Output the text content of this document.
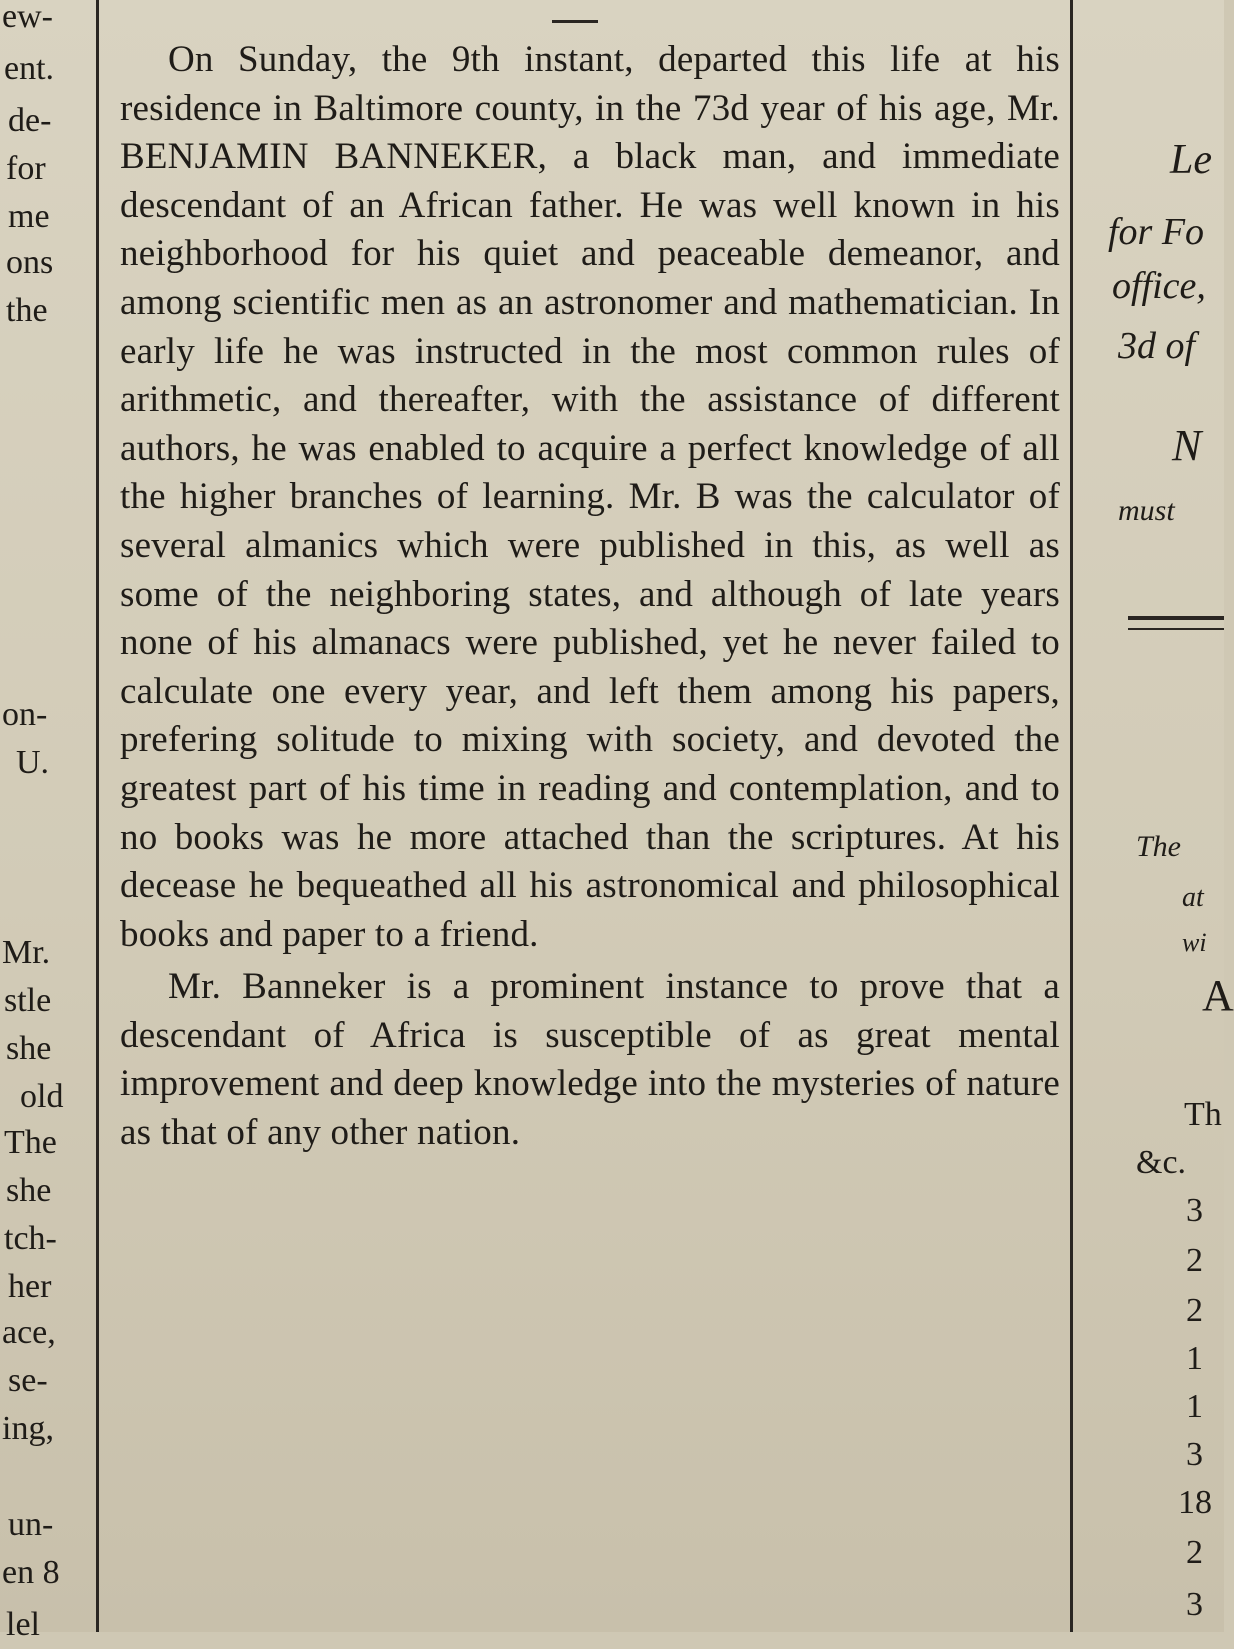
ew-
ent.
de-
for
me
ons
the
on-
U.
Mr.
stle
she
old
The
she
tch-
her
ace,
se-
ing,
un-
en 8
lel

On Sunday, the 9th instant, departed this life at his residence in Baltimore county, in the 73d year of his age, Mr. BENJAMIN BANNEKER, a black man, and immediate descendant of an African father. He was well known in his neighborhood for his quiet and peaceable demeanor, and among scientific men as an astronomer and mathematician. In early life he was instructed in the most common rules of arithmetic, and thereafter, with the assistance of different authors, he was enabled to acquire a perfect knowledge of all the higher branches of learning. Mr. B was the calculator of several almanics which were published in this, as well as some of the neighboring states, and although of late years none of his almanacs were published, yet he never failed to calculate one every year, and left them among his papers, prefering solitude to mixing with society, and devoted the greatest part of his time in reading and contemplation, and to no books was he more attached than the scriptures. At his decease he bequeathed all his astronomical and philosophical books and paper to a friend.

Mr. Banneker is a prominent instance to prove that a descendant of Africa is susceptible of as great mental improvement and deep knowledge into the mysteries of nature as that of any other nation.

Le
for Fo
office,
3d of
N
must
The
at
wi
A
Th
&c.
3
2
2
1
1
3
18
2
3
